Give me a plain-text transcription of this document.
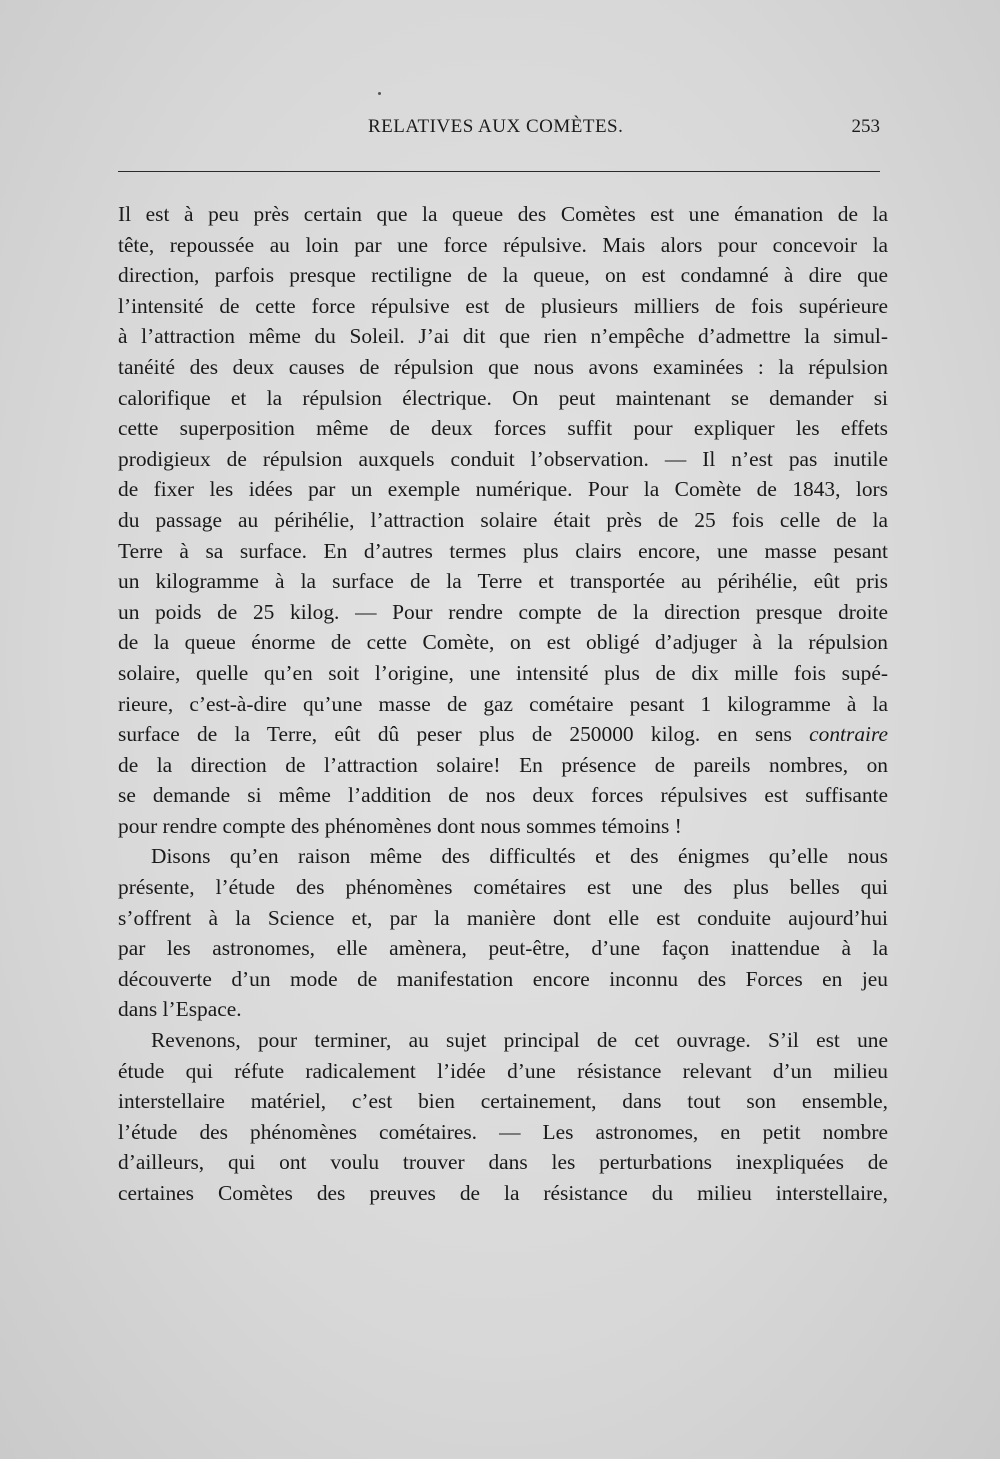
RELATIVES AUX COMÈTES.	253

Il est à peu près certain que la queue des Comètes est une émanation de la
tête, repoussée au loin par une force répulsive. Mais alors pour concevoir la
direction, parfois presque rectiligne de la queue, on est condamné à dire que
l’intensité de cette force répulsive est de plusieurs milliers de fois supérieure
à l’attraction même du Soleil. J’ai dit que rien n’empêche d’admettre la simul-
tanéité des deux causes de répulsion que nous avons examinées : la répulsion
calorifique et la répulsion électrique. On peut maintenant se demander si
cette superposition même de deux forces suffit pour expliquer les effets
prodigieux de répulsion auxquels conduit l’observation. — Il n’est pas inutile
de fixer les idées par un exemple numérique. Pour la Comète de 1843, lors
du passage au périhélie, l’attraction solaire était près de 25 fois celle de la
Terre à sa surface. En d’autres termes plus clairs encore, une masse pesant
un kilogramme à la surface de la Terre et transportée au périhélie, eût pris
un poids de 25 kilog. — Pour rendre compte de la direction presque droite
de la queue énorme de cette Comète, on est obligé d’adjuger à la répulsion
solaire, quelle qu’en soit l’origine, une intensité plus de dix mille fois supé-
rieure, c’est-à-dire qu’une masse de gaz cométaire pesant 1 kilogramme à la
surface de la Terre, eût dû peser plus de 250000 kilog. en sens contraire
de la direction de l’attraction solaire! En présence de pareils nombres, on
se demande si même l’addition de nos deux forces répulsives est suffisante
pour rendre compte des phénomènes dont nous sommes témoins !

Disons qu’en raison même des difficultés et des énigmes qu’elle nous
présente, l’étude des phénomènes cométaires est une des plus belles qui
s’offrent à la Science et, par la manière dont elle est conduite aujourd’hui
par les astronomes, elle amènera, peut-être, d’une façon inattendue à la
découverte d’un mode de manifestation encore inconnu des Forces en jeu
dans l’Espace.

Revenons, pour terminer, au sujet principal de cet ouvrage. S’il est une
étude qui réfute radicalement l’idée d’une résistance relevant d’un milieu
interstellaire matériel, c’est bien certainement, dans tout son ensemble,
l’étude des phénomènes cométaires. — Les astronomes, en petit nombre
d’ailleurs, qui ont voulu trouver dans les perturbations inexpliquées de
certaines Comètes des preuves de la résistance du milieu interstellaire,
